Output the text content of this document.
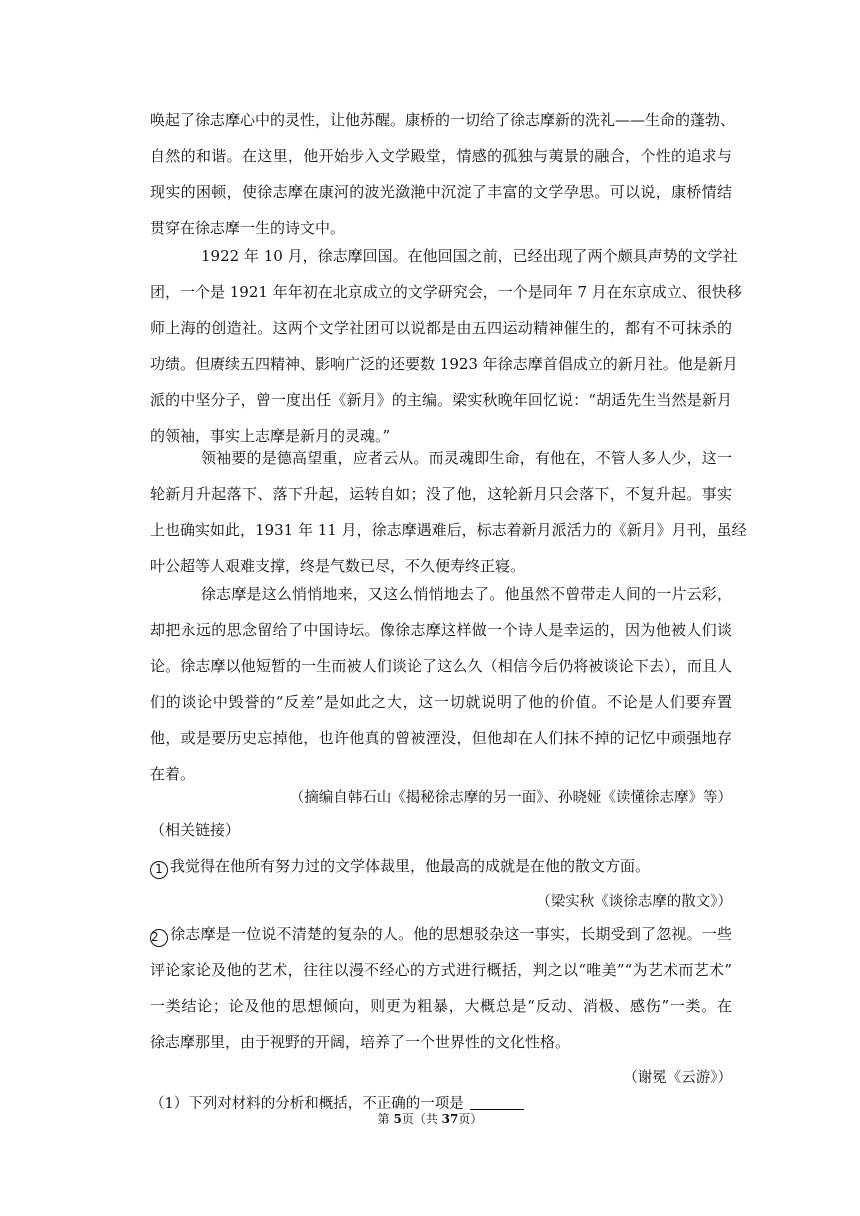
唤起了徐志摩心中的灵性，让他苏醒。康桥的一切给了徐志摩新的洗礼——生命的蓬勃、
自然的和谐。在这里，他开始步入文学殿堂，情感的孤独与荑景的融合，个性的追求与
现实的困顿，使徐志摩在康河的波光潋滟中沉淀了丰富的文学孕思。可以说，康桥情结
贯穿在徐志摩一生的诗文中。
1922 年 10 月，徐志摩回国。在他回国之前，已经出现了两个颇具声势的文学社
团，一个是 1921 年年初在北京成立的文学研究会，一个是同年 7 月在东京成立、很快移
师上海的创造社。这两个文学社团可以说都是由五四运动精神催生的，都有不可抹杀的
功绩。但赓续五四精神、影响广泛的还要数 1923 年徐志摩首倡成立的新月社。他是新月
派的中坚分子，曾一度出任《新月》的主编。梁实秋晚年回忆说：“胡适先生当然是新月
的领袖，事实上志摩是新月的灵魂。”
领袖要的是德高望重，应者云从。而灵魂即生命，有他在，不管人多人少，这一
轮新月升起落下、落下升起，运转自如；没了他，这轮新月只会落下，不复升起。事实
上也确实如此，1931 年 11 月，徐志摩遇难后，标志着新月派活力的《新月》月刊，虽经
叶公超等人艰难支撑，终是气数已尽，不久便寿终正寝。
徐志摩是这么悄悄地来，又这么悄悄地去了。他虽然不曾带走人间的一片云彩，
却把永远的思念留给了中国诗坛。像徐志摩这样做一个诗人是幸运的，因为他被人们谈
论。徐志摩以他短暂的一生而被人们谈论了这么久（相信今后仍将被谈论下去），而且人
们的谈论中毁誉的“反差”是如此之大，这一切就说明了他的价值。不论是人们要弃置
他，或是要历史忘掉他，也许他真的曾被湮没，但他却在人们抹不掉的记忆中顽强地存
在着。
（摘编自韩石山《揭秘徐志摩的另一面》、孙晓娅《读懂徐志摩》等）
（相关链接）
1 我觉得在他所有努力过的文学体裁里，他最高的成就是在他的散文方面。
（梁实秋《谈徐志摩的散文》）
2 徐志摩是一位说不清楚的复杂的人。他的思想驳杂这一事实，长期受到了忽视。一些
评论家论及他的艺术，往往以漫不经心的方式进行概括，判之以“唯美”“为艺术而艺术”
一类结论；论及他的思想倾向，则更为粗暴，大概总是“反动、消极、感伤”一类。在
徐志摩那里，由于视野的开阔，培养了一个世界性的文化性格。
（谢冕《云游》）
（1）下列对材料的分析和概括，不正确的一项是
第 5页（共 37页）
